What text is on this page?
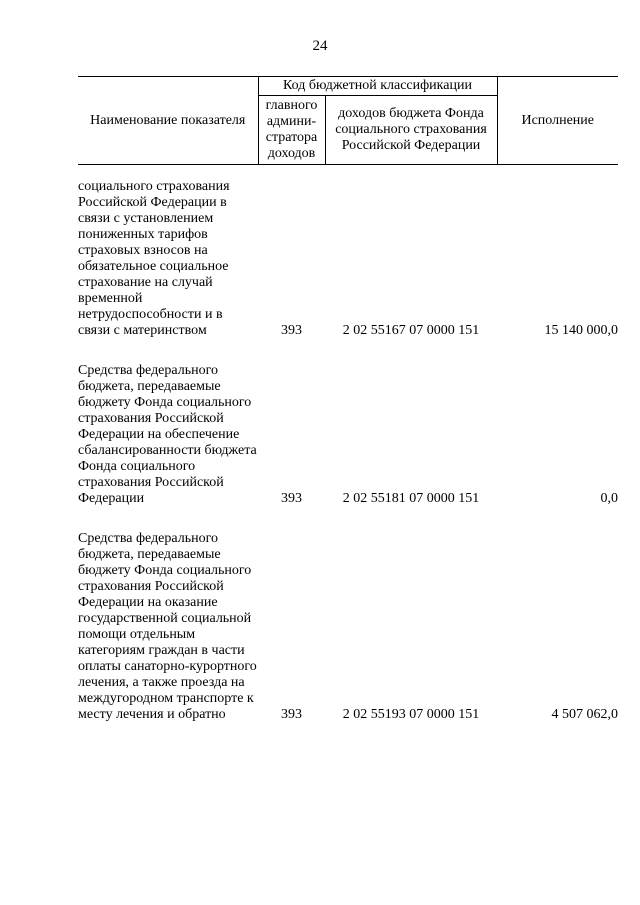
24
Наименование показателя	Код бюджетной классификации		Исполнение
	главного админи-стратора доходов	доходов бюджета Фонда социального страхования Российской Федерации	

социального страхования Российской Федерации в связи с установлением пониженных тарифов страховых взносов на обязательное социальное страхование на случай временной нетрудоспособности и в связи с материнством	393	2 02 55167 07 0000 151	15 140 000,0

Средства федерального бюджета, передаваемые бюджету Фонда социального страхования Российской Федерации на обеспечение сбалансированности бюджета Фонда социального страхования Российской Федерации	393	2 02 55181 07 0000 151	0,0

Средства федерального бюджета, передаваемые бюджету Фонда социального страхования Российской Федерации на оказание государственной социальной помощи отдельным категориям граждан в части оплаты санаторно-курортного лечения, а также проезда на междугородном транспорте к месту лечения и обратно	393	2 02 55193 07 0000 151	4 507 062,0
